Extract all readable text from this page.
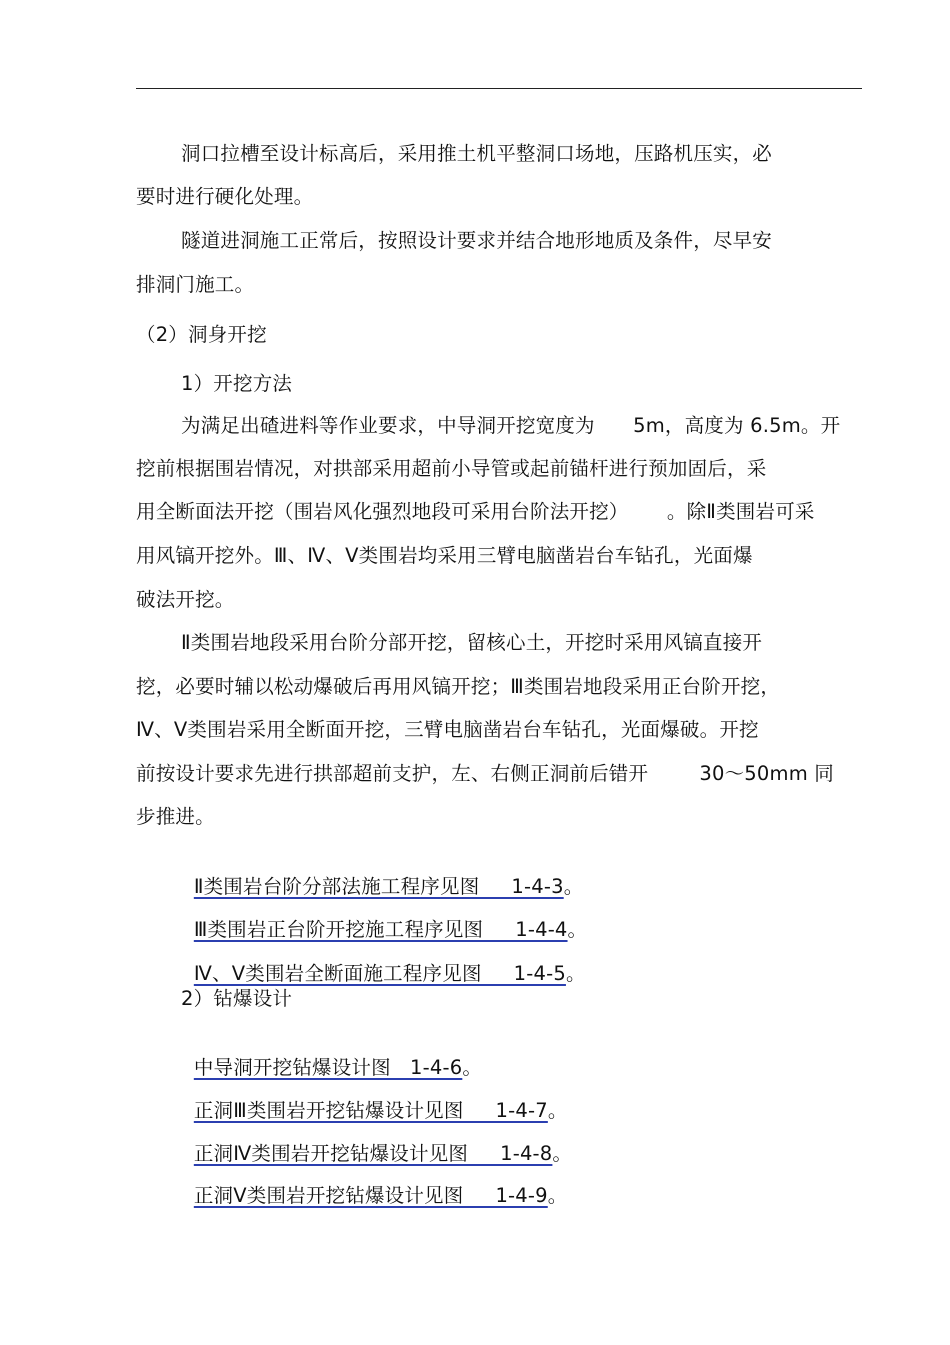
洞口拉槽至设计标高后，采用推土机平整洞口场地，压路机压实，必
要时进行硬化处理。
隧道进洞施工正常后，按照设计要求并结合地形地质及条件，尽早安
排洞门施工。
（2）洞身开挖
1）开挖方法
为满足出碴进料等作业要求，中导洞开挖宽度为      5m，高度为 6.5m。开
挖前根据围岩情况，对拱部采用超前小导管或起前锚杆进行预加固后，采
用全断面法开挖（围岩风化强烈地段可采用台阶法开挖）      。除Ⅱ类围岩可采
用风镐开挖外。Ⅲ、Ⅳ、Ⅴ类围岩均采用三臂电脑凿岩台车钻孔，光面爆
破法开挖。
Ⅱ类围岩地段采用台阶分部开挖，留核心土，开挖时采用风镐直接开
挖，必要时辅以松动爆破后再用风镐开挖；Ⅲ类围岩地段采用正台阶开挖，
Ⅳ、Ⅴ类围岩采用全断面开挖，三臂电脑凿岩台车钻孔，光面爆破。开挖
前按设计要求先进行拱部超前支护，左、右侧正洞前后错开        30～50mm 同
步推进。

Ⅱ类围岩台阶分部法施工程序见图     1-4-3。

Ⅲ类围岩正台阶开挖施工程序见图     1-4-4。

Ⅳ、Ⅴ类围岩全断面施工程序见图     1-4-5。

2）钻爆设计

中导洞开挖钻爆设计图   1-4-6。

正洞Ⅲ类围岩开挖钻爆设计见图     1-4-7。

正洞Ⅳ类围岩开挖钻爆设计见图     1-4-8。

正洞Ⅴ类围岩开挖钻爆设计见图     1-4-9。
